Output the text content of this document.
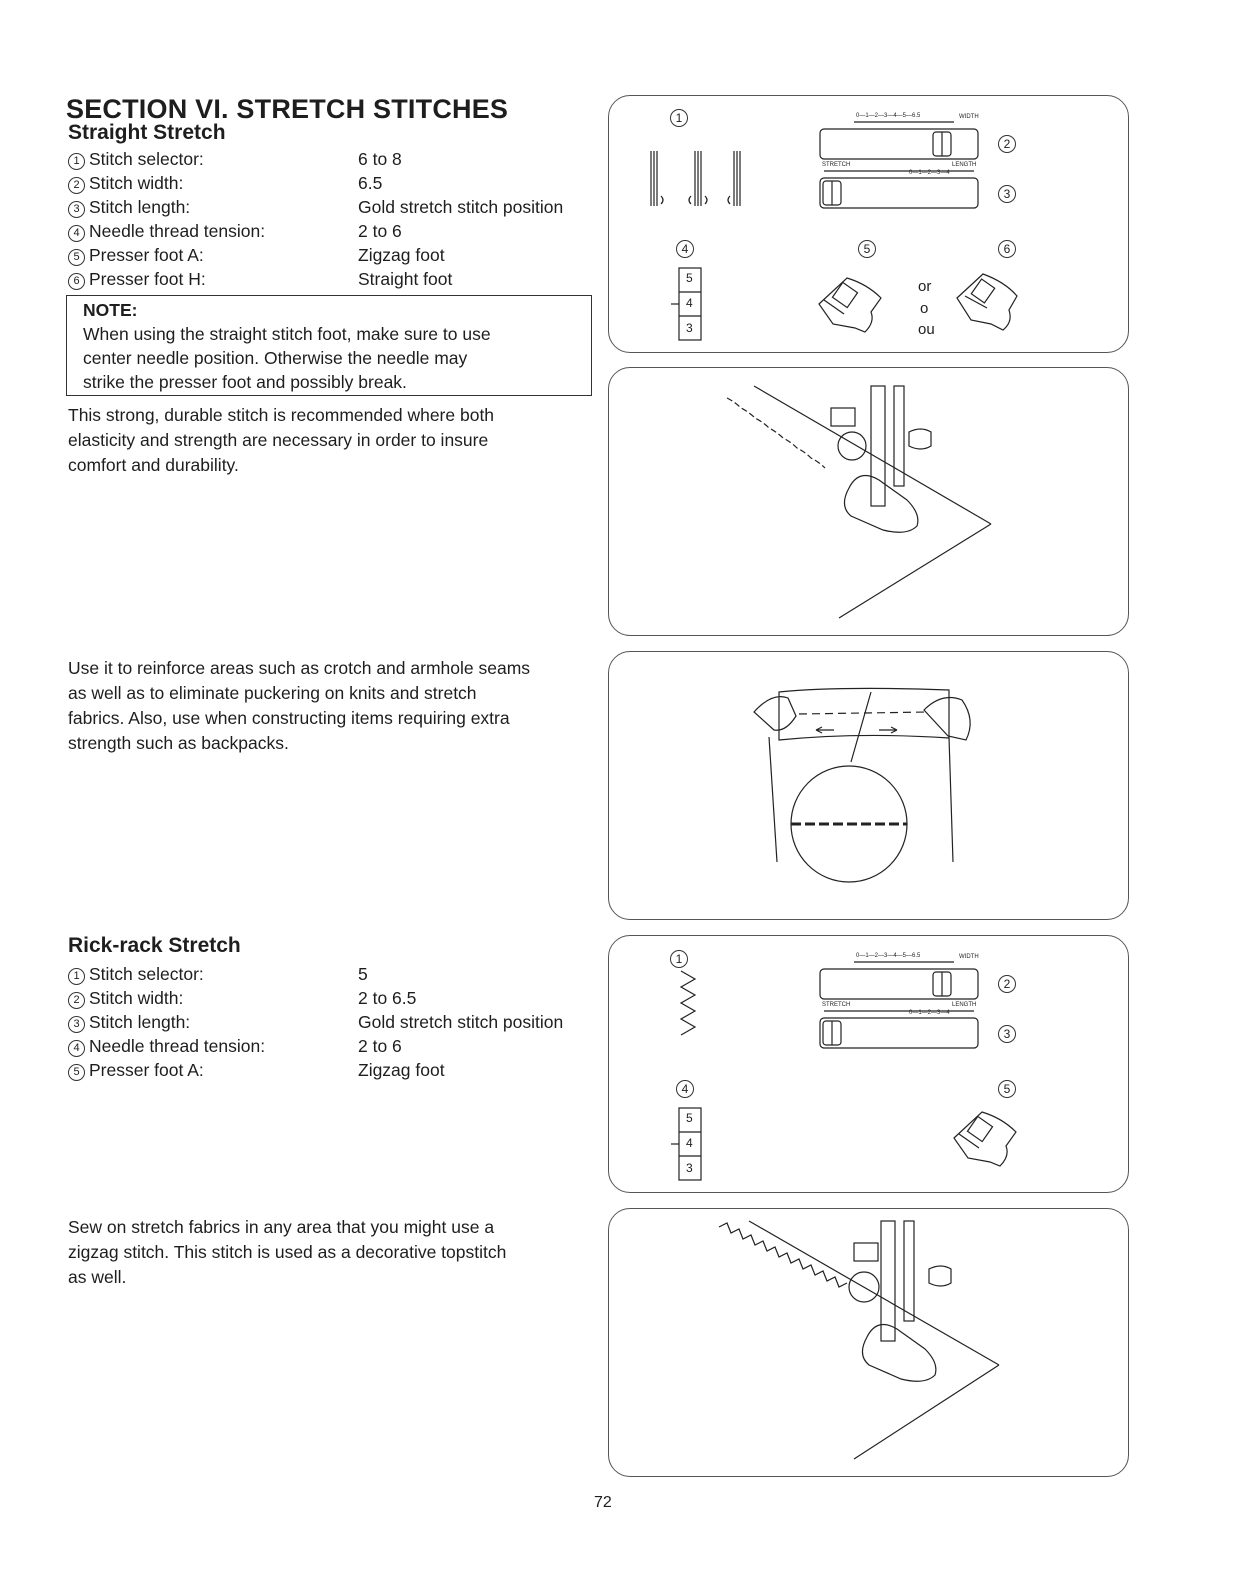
SECTION VI. STRETCH STITCHES
Straight Stretch
1 Stitch selector:	6 to 8
2 Stitch width:	6.5
3 Stitch length:	Gold stretch stitch position
4 Needle thread tension:	2 to 6
5 Presser foot A:	Zigzag foot
6 Presser foot H:	Straight foot
NOTE:
When using the straight stitch foot, make sure to use
center needle position. Otherwise the needle may
strike the presser foot and possibly break.
This strong, durable stitch is recommended where both
elasticity and strength are necessary in order to insure
comfort and durability.
Use it to reinforce areas such as crotch and armhole seams
as well as to eliminate puckering on knits and stretch
fabrics. Also, use when constructing items requiring extra
strength such as backpacks.
Rick-rack Stretch
1 Stitch selector:	5
2 Stitch width:	2 to 6.5
3 Stitch length:	Gold stretch stitch position
4 Needle thread tension:	2 to 6
5 Presser foot A:	Zigzag foot
Sew on stretch fabrics in any area that you might use a
zigzag stitch. This stitch is used as a decorative topstitch
as well.
1
2
3
4	5	6
WIDTH
0—1—2—3—4—5—6.5
STRETCH	LENGTH
0—1—2—3—4
5
4
3
or
o
ou
1
2
3
4	5
WIDTH
0—1—2—3—4—5—6.5
STRETCH	LENGTH
0—1—2—3—4
5
4
3
72
